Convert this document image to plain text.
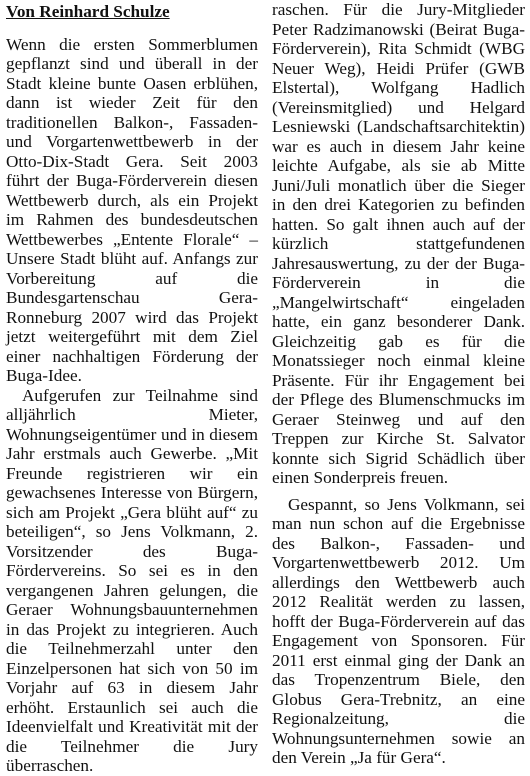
Von Reinhard Schulze

Wenn die ersten Sommerblumen gepflanzt sind und überall in der Stadt kleine bunte Oasen erblühen, dann ist wieder Zeit für den traditionellen Balkon-, Fassaden- und Vorgartenwettbewerb in der Otto-Dix-Stadt Gera. Seit 2003 führt der Buga-Förderverein diesen Wettbewerb durch, als ein Projekt im Rahmen des bundesdeutschen Wettbewerbes „Entente Florale“ – Unsere Stadt blüht auf. Anfangs zur Vorbereitung auf die Bundesgartenschau Gera-Ronneburg 2007 wird das Projekt jetzt weitergeführt mit dem Ziel einer nachhaltigen Förderung der Buga-Idee.

Aufgerufen zur Teilnahme sind alljährlich Mieter, Wohnungseigentümer und in diesem Jahr erstmals auch Gewerbe. „Mit Freunde registrieren wir ein gewachsenes Interesse von Bürgern, sich am Projekt „Gera blüht auf“ zu beteiligen“, so Jens Volkmann, 2. Vorsitzender des Buga-Fördervereins. So sei es in den vergangenen Jahren gelungen, die Geraer Wohnungsbauunternehmen in das Projekt zu integrieren. Auch die Teilnehmerzahl unter den Einzelpersonen hat sich von 50 im Vorjahr auf 63 in diesem Jahr erhöht. Erstaunlich sei auch die Ideenvielfalt und Kreativität mit der die Teilnehmer die Jury überraschen.

raschen. Für die Jury-Mitglieder Peter Radzimanowski (Beirat Buga-Förderverein), Rita Schmidt (WBG Neuer Weg), Heidi Prüfer (GWB Elstertal), Wolfgang Hadlich (Vereinsmitglied) und Helgard Lesniewski (Landschaftsarchitektin) war es auch in diesem Jahr keine leichte Aufgabe, als sie ab Mitte Juni/Juli monatlich über die Sieger in den drei Kategorien zu befinden hatten. So galt ihnen auch auf der kürzlich stattgefundenen Jahresauswertung, zu der der Buga-Förderverein in die „Mangelwirtschaft“ eingeladen hatte, ein ganz besonderer Dank. Gleichzeitig gab es für die Monatssieger noch einmal kleine Präsente. Für ihr Engagement bei der Pflege des Blumenschmucks im Geraer Steinweg und auf den Treppen zur Kirche St. Salvator konnte sich Sigrid Schädlich über einen Sonderpreis freuen.

Gespannt, so Jens Volkmann, sei man nun schon auf die Ergebnisse des Balkon-, Fassaden- und Vorgartenwettbewerb 2012. Um allerdings den Wettbewerb auch 2012 Realität werden zu lassen, hofft der Buga-Förderverein auf das Engagement von Sponsoren. Für 2011 erst einmal ging der Dank an das Tropenzentrum Biele, den Globus Gera-Trebnitz, an eine Regionalzeitung, die Wohnungsunternehmen sowie an den Verein „Ja für Gera“.
